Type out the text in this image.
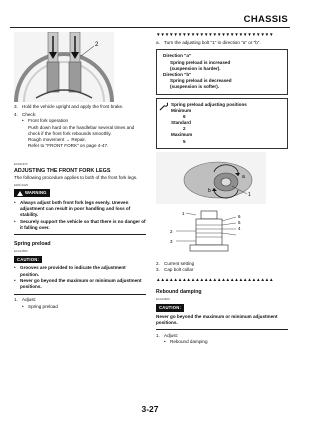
CHASSIS
2
3. Hold the vehicle upright and apply the front brake.
4. Check:
• Front fork operation
Push down hard on the handlebar several times and check if the front fork rebounds smoothly.
Rough movement → Repair.
Refer to "FRONT FORK" on page 4-47.
EAS21970
ADJUSTING THE FRONT FORK LEGS
The following procedure applies to both of the front fork legs.
EWA13120
WARNING
• Always adjust both front fork legs evenly. Uneven adjustment can result in poor handling and loss of stability.
• Securely support the vehicle so that there is no danger of it falling over.
Spring preload
ECA13590
CAUTION:
• Grooves are provided to indicate the adjustment position.
• Never go beyond the maximum or minimum adjustment positions.
1. Adjust:
• Spring preload
▼▼▼▼▼▼▼▼▼▼▼▼▼▼▼▼▼▼▼▼▼▼▼▼▼▼▼
a. Turn the adjusting bolt "1" in direction "a" or "b".
Direction "a"
Spring preload is increased
(suspension is harder).
Direction "b"
Spring preload is decreased
(suspension is softer).
Spring preload adjusting positions
Minimum
6
Standard
2
Maximum
5
a
b
1
1
2
3
6
5
4
2. Current setting
3. Cap bolt collar
▲▲▲▲▲▲▲▲▲▲▲▲▲▲▲▲▲▲▲▲▲▲▲▲▲▲▲
Rebound damping
ECA13600
CAUTION:
Never go beyond the maximum or minimum adjustment positions.
1. Adjust:
• Rebound damping
3-27
